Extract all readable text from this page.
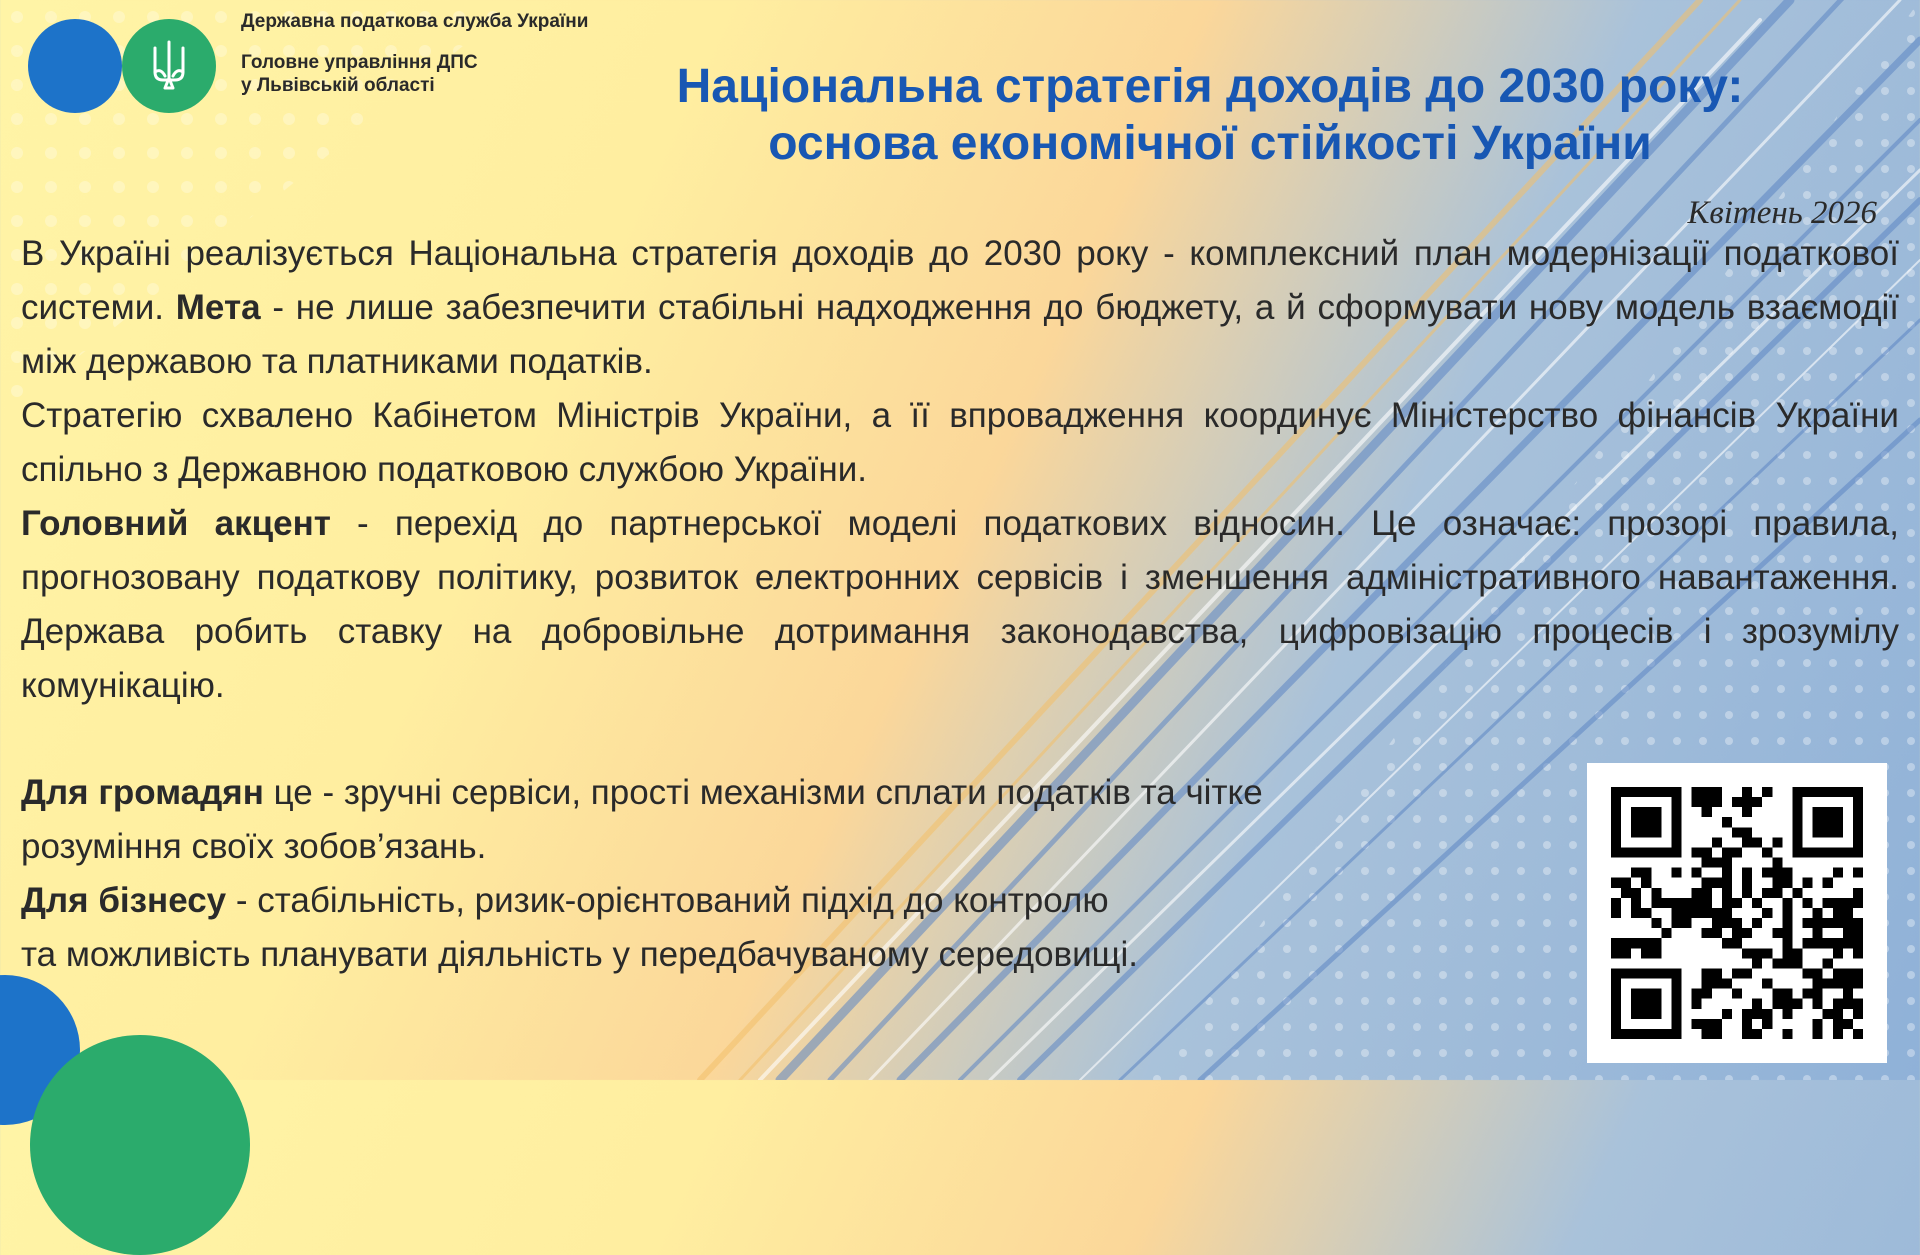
Державна податкова служба України
Головне управління ДПС
у Львівській області	Національна стратегія доходів до 2030 року:
основа економічної стійкості України
Квітень 2026

В Україні реалізується Національна стратегія доходів до 2030 року - комплексний план модернізації податкової системи. Мета - не лише забезпечити стабільні надходження до бюджету, а й сформувати нову модель взаємодії між державою та платниками податків.

Стратегію схвалено Кабінетом Міністрів України, а її впровадження координує Міністерство фінансів України спільно з Державною податковою службою України.

Головний акцент - перехід до партнерської моделі податкових відносин. Це означає: прозорі правила, прогнозовану податкову політику, розвиток електронних сервісів і зменшення адміністративного навантаження. Держава робить ставку на добровільне дотримання законодавства, цифровізацію процесів і зрозумілу комунікацію.

Для громадян це - зручні сервіси, прості механізми сплати податків та чітке

розуміння своїх зобов’язань.

Для бізнесу - стабільність, ризик-орієнтований підхід до контролю

та можливість планувати діяльність у передбачуваному середовищі.
